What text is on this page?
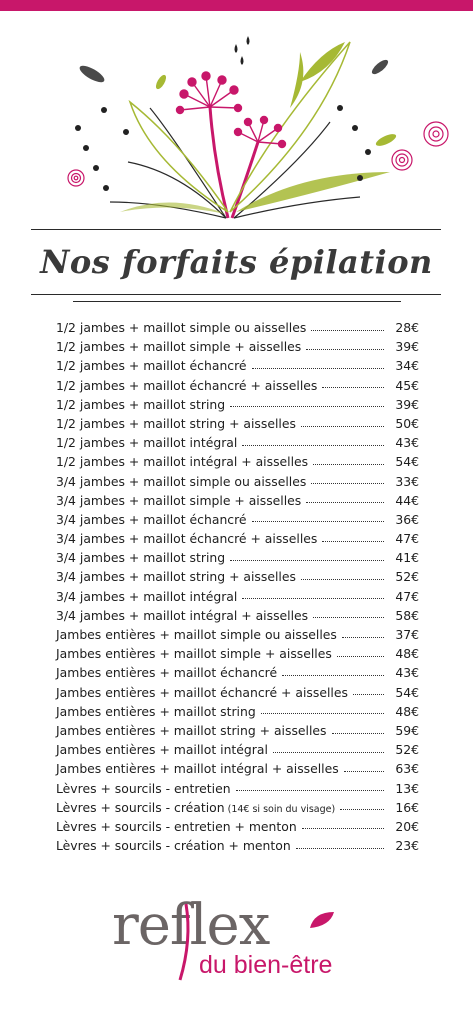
Nos forfaits épilation
1/2 jambes + maillot simple ou aisselles	28€
1/2 jambes + maillot simple + aisselles	39€
1/2 jambes + maillot échancré	34€
1/2 jambes + maillot échancré + aisselles	45€
1/2 jambes + maillot string	39€
1/2 jambes + maillot string + aisselles	50€
1/2 jambes + maillot intégral	43€
1/2 jambes + maillot intégral + aisselles	54€
3/4 jambes + maillot simple ou aisselles	33€
3/4 jambes + maillot simple + aisselles	44€
3/4 jambes + maillot échancré	36€
3/4 jambes + maillot échancré + aisselles	47€
3/4 jambes + maillot string	41€
3/4 jambes + maillot string + aisselles	52€
3/4 jambes + maillot intégral	47€
3/4 jambes + maillot intégral + aisselles	58€
Jambes entières + maillot simple ou aisselles	37€
Jambes entières + maillot simple + aisselles	48€
Jambes entières + maillot échancré	43€
Jambes entières + maillot échancré + aisselles	54€
Jambes entières + maillot string	48€
Jambes entières + maillot string + aisselles	59€
Jambes entières + maillot intégral	52€
Jambes entières + maillot intégral + aisselles	63€
Lèvres + sourcils - entretien	13€
Lèvres + sourcils - création (14€ si soin du visage)	16€
Lèvres + sourcils - entretien + menton	20€
Lèvres + sourcils - création + menton	23€
reflex
du bien-être
